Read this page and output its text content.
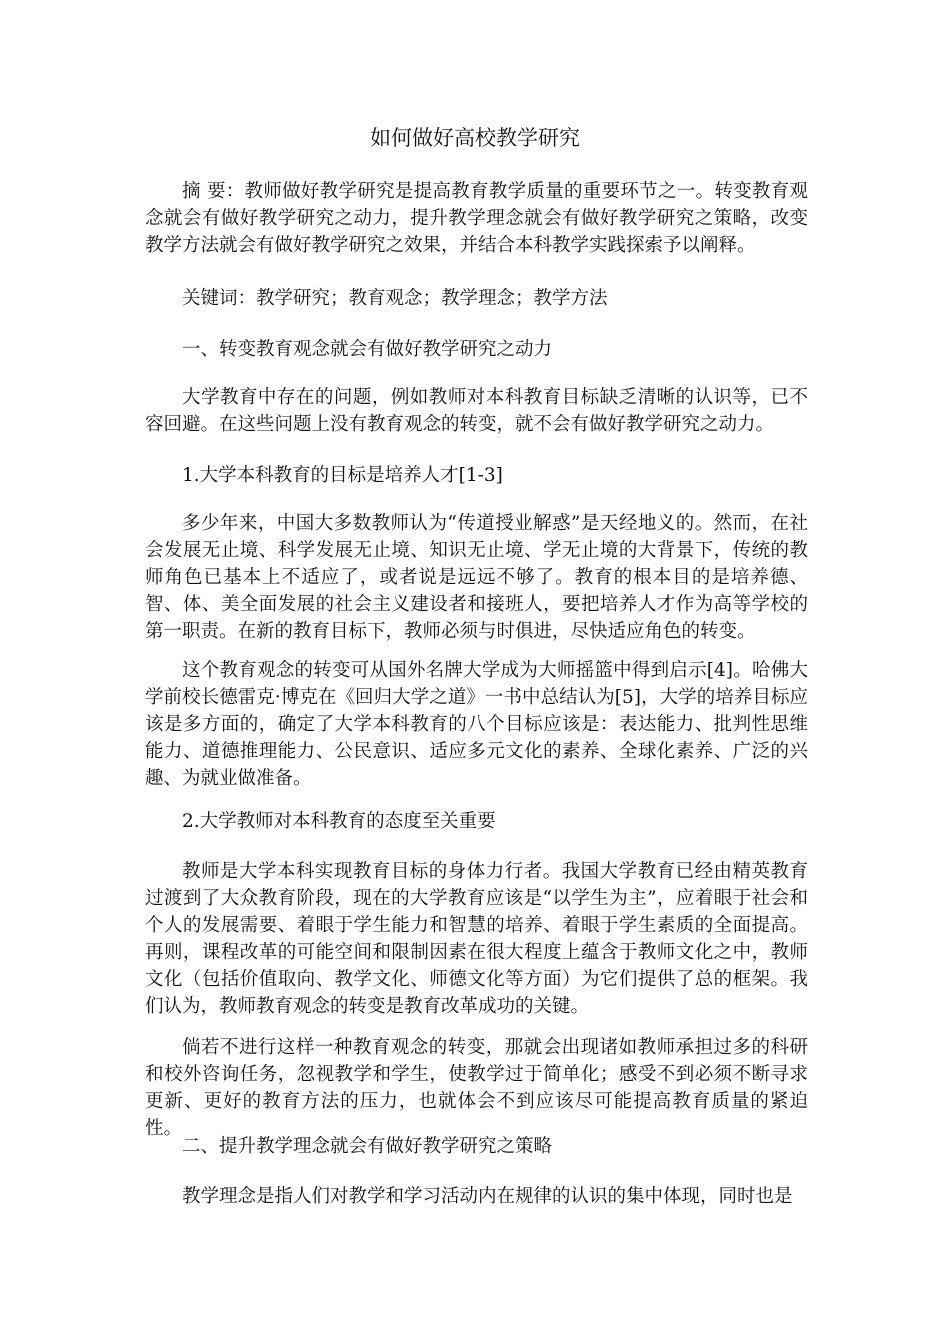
如何做好高校教学研究

摘 要：教师做好教学研究是提高教育教学质量的重要环节之一。转变教育观念就会有做好教学研究之动力，提升教学理念就会有做好教学研究之策略，改变教学方法就会有做好教学研究之效果，并结合本科教学实践探索予以阐释。

关键词：教学研究；教育观念；教学理念；教学方法

一、转变教育观念就会有做好教学研究之动力

大学教育中存在的问题，例如教师对本科教育目标缺乏清晰的认识等，已不容回避。在这些问题上没有教育观念的转变，就不会有做好教学研究之动力。

1.大学本科教育的目标是培养人才[1-3]

多少年来，中国大多数教师认为“传道授业解惑”是天经地义的。然而，在社会发展无止境、科学发展无止境、知识无止境、学无止境的大背景下，传统的教师角色已基本上不适应了，或者说是远远不够了。教育的根本目的是培养德、智、体、美全面发展的社会主义建设者和接班人，要把培养人才作为高等学校的第一职责。在新的教育目标下，教师必须与时俱进，尽快适应角色的转变。

这个教育观念的转变可从国外名牌大学成为大师摇篮中得到启示[4]。哈佛大学前校长德雷克·博克在《回归大学之道》一书中总结认为[5]，大学的培养目标应该是多方面的，确定了大学本科教育的八个目标应该是：表达能力、批判性思维能力、道德推理能力、公民意识、适应多元文化的素养、全球化素养、广泛的兴趣、为就业做准备。

2.大学教师对本科教育的态度至关重要

教师是大学本科实现教育目标的身体力行者。我国大学教育已经由精英教育过渡到了大众教育阶段，现在的大学教育应该是“以学生为主”，应着眼于社会和个人的发展需要、着眼于学生能力和智慧的培养、着眼于学生素质的全面提高。再则，课程改革的可能空间和限制因素在很大程度上蕴含于教师文化之中，教师文化（包括价值取向、教学文化、师德文化等方面）为它们提供了总的框架。我们认为，教师教育观念的转变是教育改革成功的关键。

倘若不进行这样一种教育观念的转变，那就会出现诸如教师承担过多的科研和校外咨询任务，忽视教学和学生，使教学过于简单化；感受不到必须不断寻求更新、更好的教育方法的压力，也就体会不到应该尽可能提高教育质量的紧迫性。

二、提升教学理念就会有做好教学研究之策略

教学理念是指人们对教学和学习活动内在规律的认识的集中体现，同时也是
